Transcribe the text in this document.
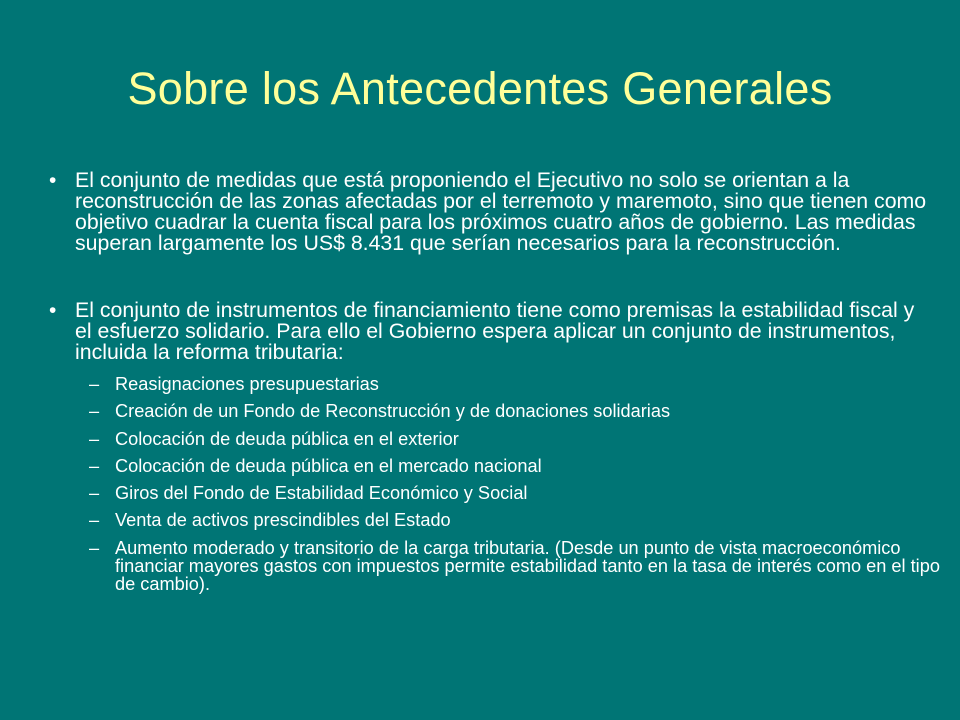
Sobre los Antecedentes Generales
• El conjunto de medidas que está proponiendo el Ejecutivo no solo se orientan a la reconstrucción de las zonas afectadas por el terremoto y maremoto, sino que tienen como objetivo cuadrar la cuenta fiscal para los próximos cuatro años de gobierno. Las medidas superan largamente los US$ 8.431 que serían necesarios para la reconstrucción.
• El conjunto de instrumentos de financiamiento tiene como premisas la estabilidad fiscal y el esfuerzo solidario. Para ello el Gobierno espera aplicar un conjunto de instrumentos, incluida la reforma tributaria:
– Reasignaciones presupuestarias
– Creación de un Fondo de Reconstrucción y de donaciones solidarias
– Colocación de deuda pública en el exterior
– Colocación de deuda pública en el mercado nacional
– Giros del Fondo de Estabilidad Económico y Social
– Venta de activos prescindibles del Estado
– Aumento moderado y transitorio de la carga tributaria. (Desde un punto de vista macroeconómico financiar mayores gastos con impuestos permite estabilidad tanto en la tasa de interés como en el tipo de cambio).
